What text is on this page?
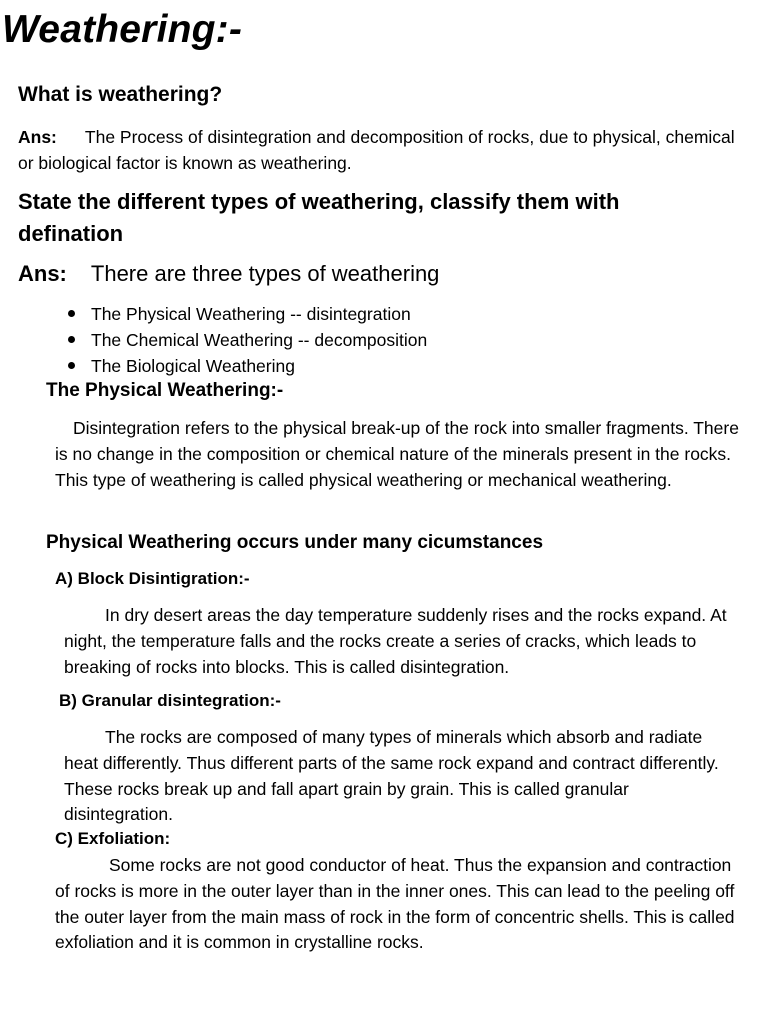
Weathering:-
What is weathering?
Ans: The Process of disintegration and decomposition of rocks, due to physical, chemical or biological factor is known as weathering.
State the different types of weathering, classify them with defination
Ans: There are three types of weathering
The Physical Weathering -- disintegration
The Chemical Weathering -- decomposition
The Biological Weathering
The Physical Weathering:-
Disintegration refers to the physical break-up of the rock into smaller fragments. There is no change in the composition or chemical nature of the minerals present in the rocks. This type of weathering is called physical weathering or mechanical weathering.
Physical Weathering occurs under many cicumstances
A) Block Disintigration:-
In dry desert areas the day temperature suddenly rises and the rocks expand. At night, the temperature falls and the rocks create a series of cracks, which leads to breaking of rocks into blocks. This is called disintegration.
B) Granular disintegration:-
The rocks are composed of many types of minerals which absorb and radiate heat differently. Thus different parts of the same rock expand and contract differently. These rocks break up and fall apart grain by grain. This is called granular disintegration.
C) Exfoliation:
Some rocks are not good conductor of heat. Thus the expansion and contraction of rocks is more in the outer layer than in the inner ones. This can lead to the peeling off the outer layer from the main mass of rock in the form of concentric shells. This is called exfoliation and it is common in crystalline rocks.
